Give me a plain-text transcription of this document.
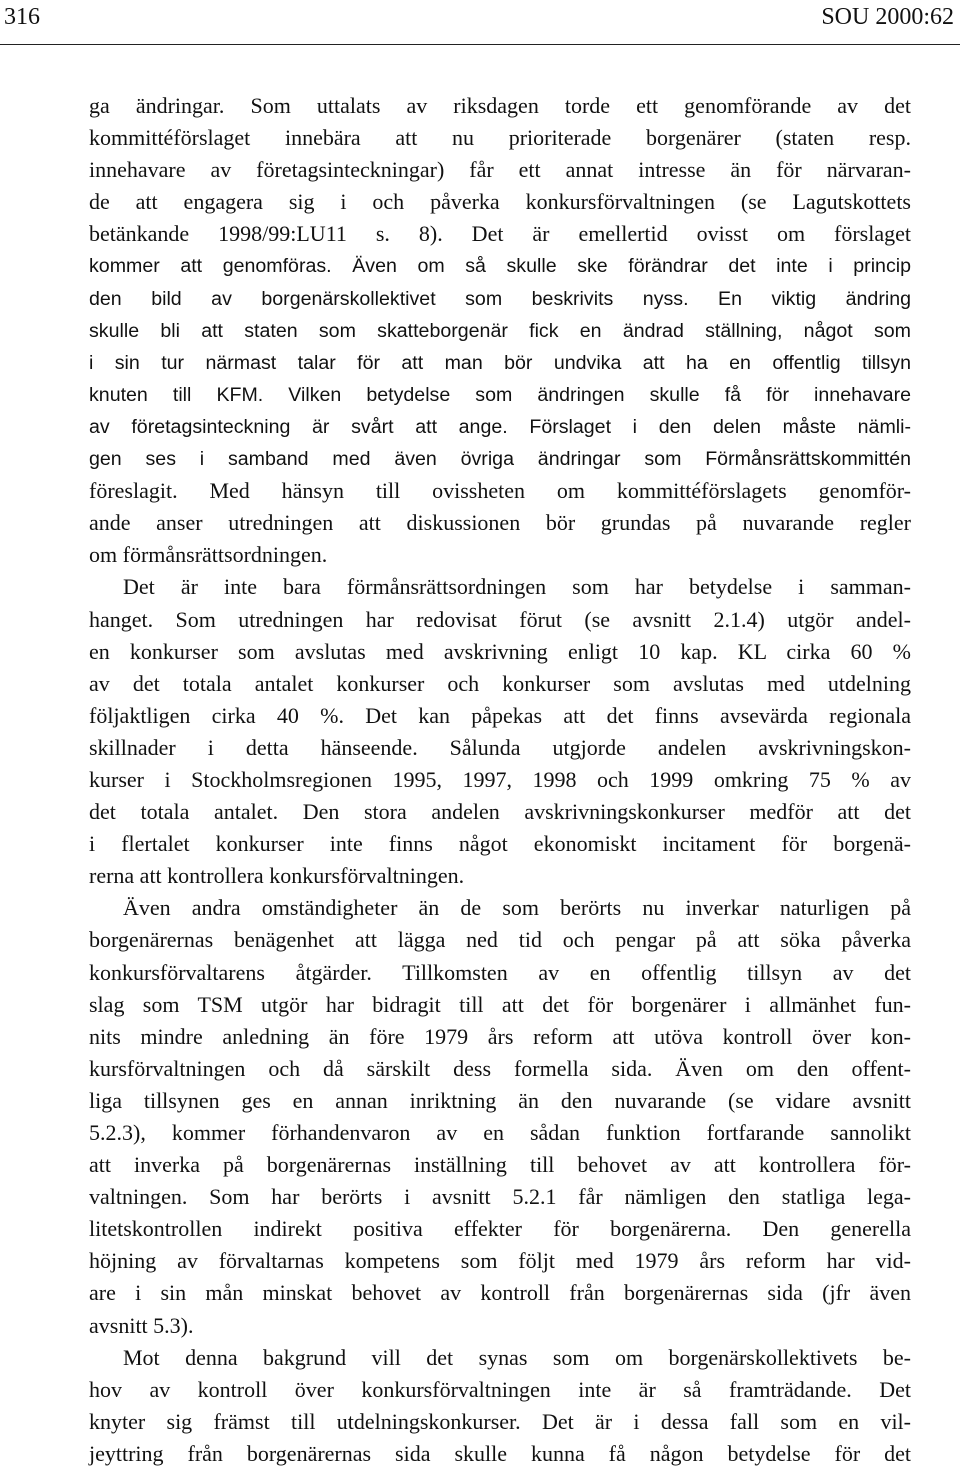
316	SOU 2000:62
ga ändringar. Som uttalats av riksdagen torde ett genomförande av det
kommittéförslaget innebära att nu prioriterade borgenärer (staten resp.
innehavare av företagsinteckningar) får ett annat intresse än för närvaran-
de att engagera sig i och påverka konkursförvaltningen (se Lagutskottets
betänkande 1998/99:LU11 s. 8). Det är emellertid ovisst om förslaget
kommer att genomföras. Även om så skulle ske förändrar det inte i princip
den bild av borgenärskollektivet som beskrivits nyss. En viktig ändring
skulle bli att staten som skatteborgenär fick en ändrad ställning, något som
i sin tur närmast talar för att man bör undvika att ha en offentlig tillsyn
knuten till KFM. Vilken betydelse som ändringen skulle få för innehavare
av företagsinteckning är svårt att ange. Förslaget i den delen måste nämli-
gen ses i samband med även övriga ändringar som Förmånsrättskommittén
föreslagit. Med hänsyn till ovissheten om kommittéförslagets genomför-
ande anser utredningen att diskussionen bör grundas på nuvarande regler
om förmånsrättsordningen.
Det är inte bara förmånsrättsordningen som har betydelse i samman-
hanget. Som utredningen har redovisat förut (se avsnitt 2.1.4) utgör andel-
en konkurser som avslutas med avskrivning enligt 10 kap. KL cirka 60 %
av det totala antalet konkurser och konkurser som avslutas med utdelning
följaktligen cirka 40 %. Det kan påpekas att det finns avsevärda regionala
skillnader i detta hänseende. Sålunda utgjorde andelen avskrivningskon-
kurser i Stockholmsregionen 1995, 1997, 1998 och 1999 omkring 75 % av
det totala antalet. Den stora andelen avskrivningskonkurser medför att det
i flertalet konkurser inte finns något ekonomiskt incitament för borgenä-
rerna att kontrollera konkursförvaltningen.
Även andra omständigheter än de som berörts nu inverkar naturligen på
borgenärernas benägenhet att lägga ned tid och pengar på att söka påverka
konkursförvaltarens åtgärder. Tillkomsten av en offentlig tillsyn av det
slag som TSM utgör har bidragit till att det för borgenärer i allmänhet fun-
nits mindre anledning än före 1979 års reform att utöva kontroll över kon-
kursförvaltningen och då särskilt dess formella sida. Även om den offent-
liga tillsynen ges en annan inriktning än den nuvarande (se vidare avsnitt
5.2.3), kommer förhandenvaron av en sådan funktion fortfarande sannolikt
att inverka på borgenärernas inställning till behovet av att kontrollera för-
valtningen. Som har berörts i avsnitt 5.2.1 får nämligen den statliga lega-
litetskontrollen indirekt positiva effekter för borgenärerna. Den generella
höjning av förvaltarnas kompetens som följt med 1979 års reform har vid-
are i sin mån minskat behovet av kontroll från borgenärernas sida (jfr även
avsnitt 5.3).
Mot denna bakgrund vill det synas som om borgenärskollektivets be-
hov av kontroll över konkursförvaltningen inte är så framträdande. Det
knyter sig främst till utdelningskonkurser. Det är i dessa fall som en vil-
jeyttring från borgenärernas sida skulle kunna få någon betydelse för det
